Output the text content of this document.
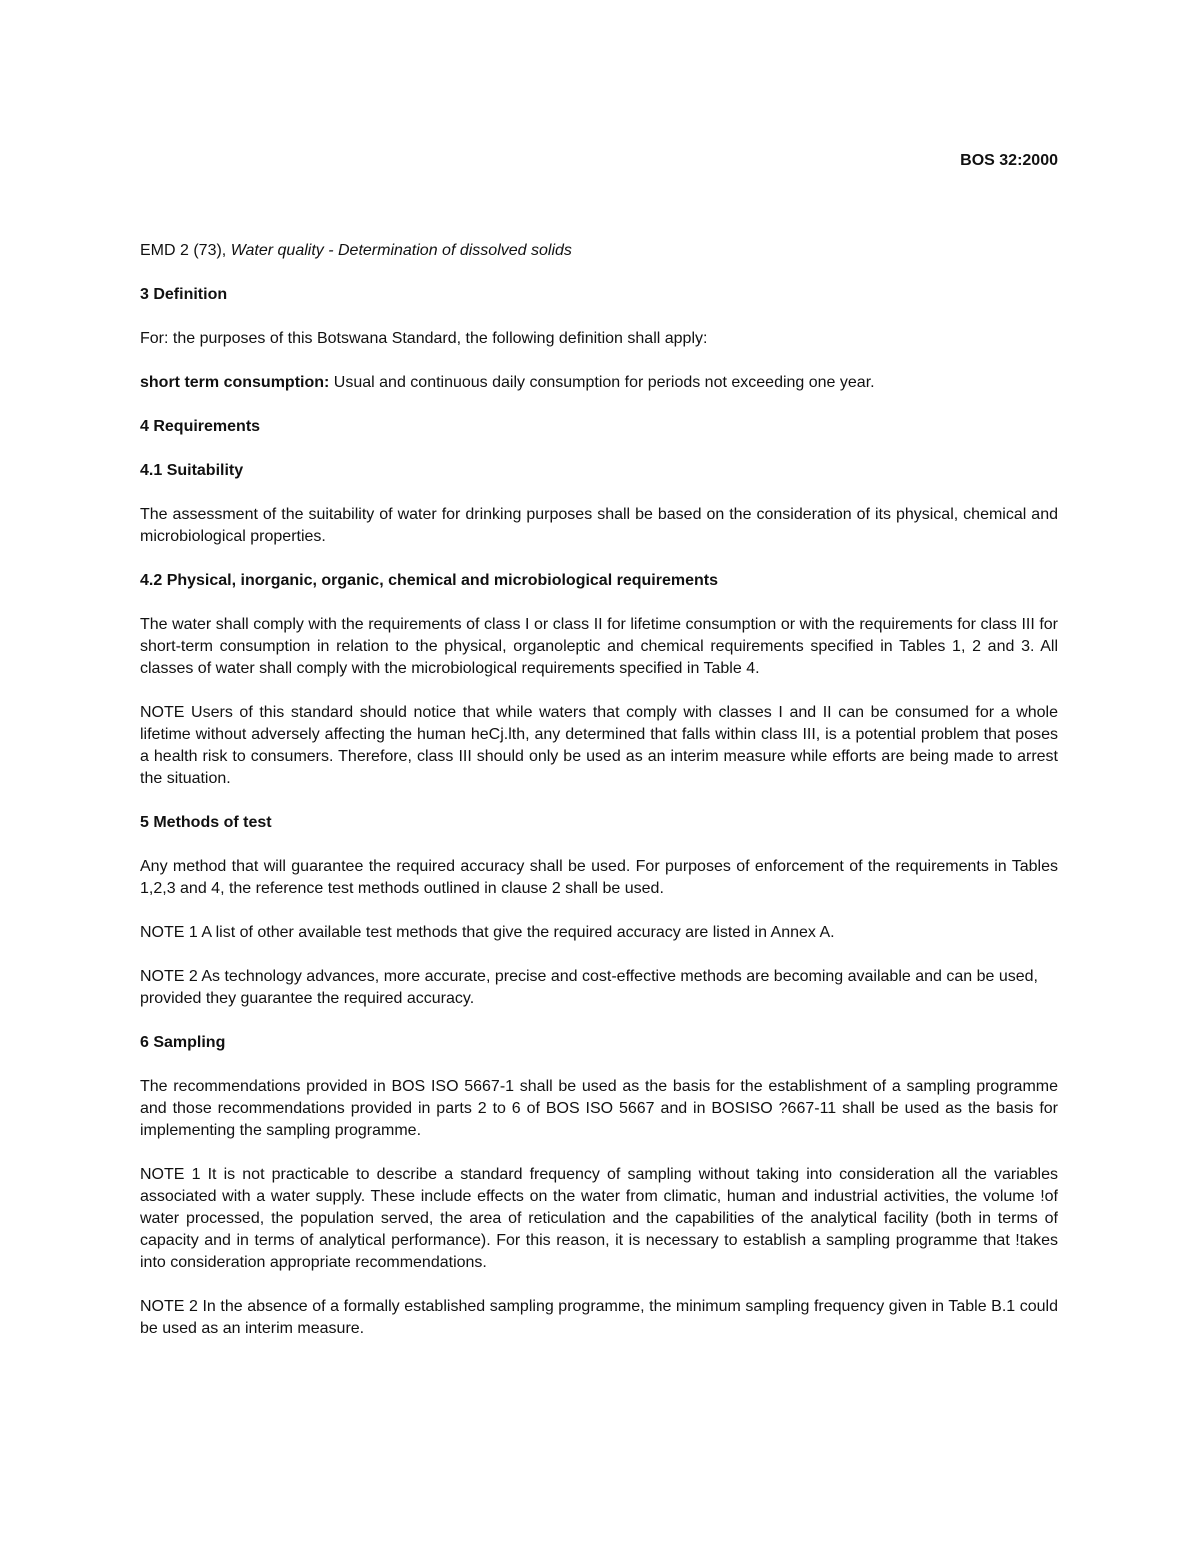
BOS 32:2000

EMD 2 (73), Water quality - Determination of dissolved solids

3 Definition

For: the purposes of this Botswana Standard, the following definition shall apply:

short term consumption: Usual and continuous daily consumption for periods not exceeding one year.

4 Requirements
4.1 Suitability

The assessment of the suitability of water for drinking purposes shall be based on the consideration of its physical, chemical and microbiological properties.

4.2 Physical, inorganic, organic, chemical and microbiological requirements

The water shall comply with the requirements of class I or class II for lifetime consumption or with the requirements for class III for short-term consumption in relation to the physical, organoleptic and chemical requirements specified in Tables 1, 2 and 3. All classes of water shall comply with the microbiological requirements specified in Table 4.

NOTE Users of this standard should notice that while waters that comply with classes I and II can be consumed for a whole lifetime without adversely affecting the human heCj.lth, any determined that falls within class III, is a potential problem that poses a health risk to consumers. Therefore, class III should only be used as an interim measure while efforts are being made to arrest the situation.

5 Methods of test

Any method that will guarantee the required accuracy shall be used. For purposes of enforcement of the requirements in Tables 1,2,3 and 4, the reference test methods outlined in clause 2 shall be used.

NOTE 1 A list of other available test methods that give the required accuracy are listed in Annex A.

NOTE 2 As technology advances, more accurate, precise and cost-effective methods are becoming available and can be used, provided they guarantee the required accuracy.

6 Sampling

The recommendations provided in BOS ISO 5667-1 shall be used as the basis for the establishment of a sampling programme and those recommendations provided in parts 2 to 6 of BOS ISO 5667 and in BOSISO ?667-11 shall be used as the basis for implementing the sampling programme.

NOTE 1 It is not practicable to describe a standard frequency of sampling without taking into consideration all the variables associated with a water supply. These include effects on the water from climatic, human and industrial activities, the volume !of water processed, the population served, the area of reticulation and the capabilities of the analytical facility (both in terms of capacity and in terms of analytical performance). For this reason, it is necessary to establish a sampling programme that !takes into consideration appropriate recommendations.

NOTE 2 In the absence of a formally established sampling programme, the minimum sampling frequency given in Table B.1 could be used as an interim measure.
